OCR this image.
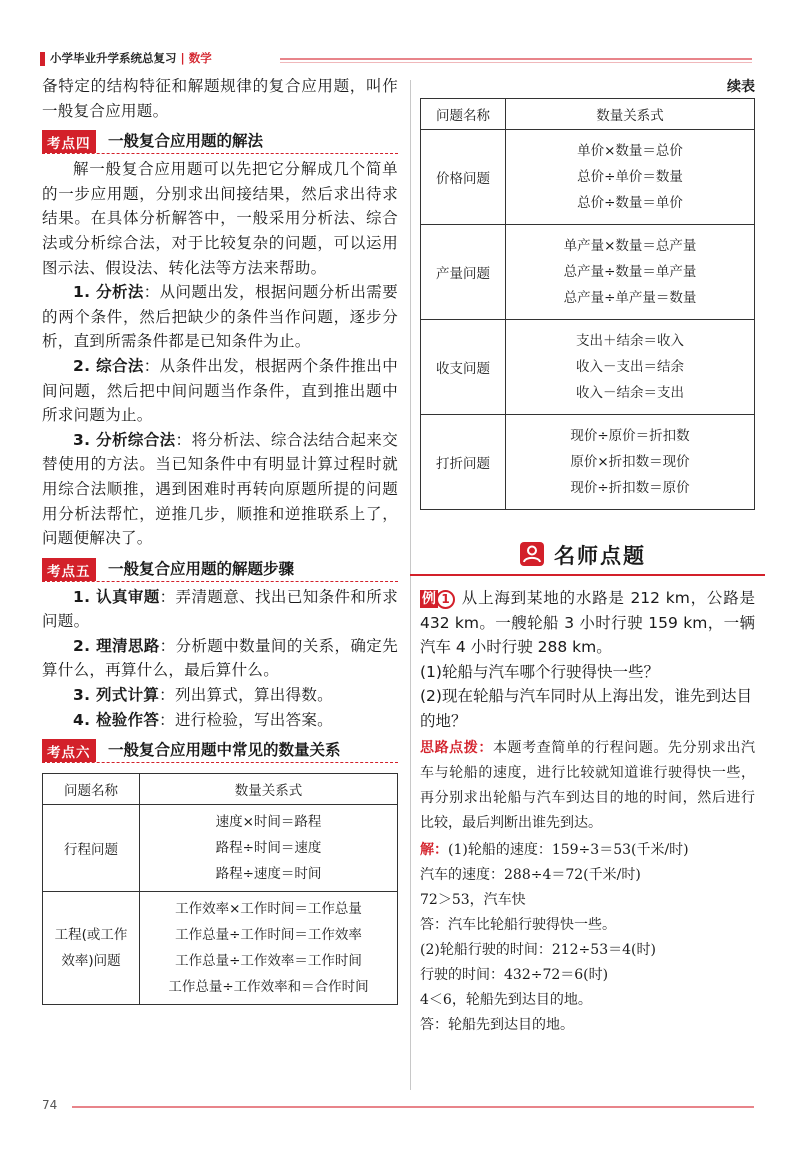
小学毕业升学系统总复习 | 数学

备特定的结构特征和解题规律的复合应用题，叫作一般复合应用题。

考点四	一般复合应用题的解法

解一般复合应用题可以先把它分解成几个简单的一步应用题，分别求出间接结果，然后求出待求结果。在具体分析解答中，一般采用分析法、综合法或分析综合法，对于比较复杂的问题，可以运用图示法、假设法、转化法等方法来帮助。

1. 分析法：从问题出发，根据问题分析出需要的两个条件，然后把缺少的条件当作问题，逐步分析，直到所需条件都是已知条件为止。

2. 综合法：从条件出发，根据两个条件推出中间问题，然后把中间问题当作条件，直到推出题中所求问题为止。

3. 分析综合法：将分析法、综合法结合起来交替使用的方法。当已知条件中有明显计算过程时就用综合法顺推，遇到困难时再转向原题所提的问题用分析法帮忙，逆推几步，顺推和逆推联系上了，问题便解决了。

考点五	一般复合应用题的解题步骤

1. 认真审题：弄清题意、找出已知条件和所求问题。

2. 理清思路：分析题中数量间的关系，确定先算什么，再算什么，最后算什么。

3. 列式计算：列出算式，算出得数。

4. 检验作答：进行检验，写出答案。

考点六	一般复合应用题中常见的数量关系
问题名称	数量关系式
行程问题	速度×时间＝路程
路程÷时间＝速度
路程÷速度＝时间

工程(或工作效率)问题	工作效率×工作时间＝工作总量
工作总量÷工作时间＝工作效率
工作总量÷工作效率＝工作时间
工作总量÷工作效率和＝合作时间
续表
问题名称	数量关系式
价格问题	单价×数量＝总价
总价÷单价＝数量
总价÷数量＝单价

产量问题	单产量×数量＝总产量
总产量÷数量＝单产量
总产量÷单产量＝数量

收支问题	支出＋结余＝收入
收入－支出＝结余
收入－结余＝支出

打折问题	现价÷原价＝折扣数
原价×折扣数＝现价
现价÷折扣数＝原价
名师点题
例 1 从上海到某地的水路是 212 km，公路是 432 km。一艘轮船 3 小时行驶 159 km，一辆汽车 4 小时行驶 288 km。
(1)轮船与汽车哪个行驶得快一些？
(2)现在轮船与汽车同时从上海出发，谁先到达目的地？
思路点拨：本题考查简单的行程问题。先分别求出汽车与轮船的速度，进行比较就知道谁行驶得快一些，再分别求出轮船与汽车到达目的地的时间，然后进行比较，最后判断出谁先到达。
解：(1)轮船的速度：159÷3＝53(千米/时)
汽车的速度：288÷4＝72(千米/时)
72＞53，汽车快
答：汽车比轮船行驶得快一些。
(2)轮船行驶的时间：212÷53＝4(时)
行驶的时间：432÷72＝6(时)
4＜6，轮船先到达目的地。
答：轮船先到达目的地。
74
